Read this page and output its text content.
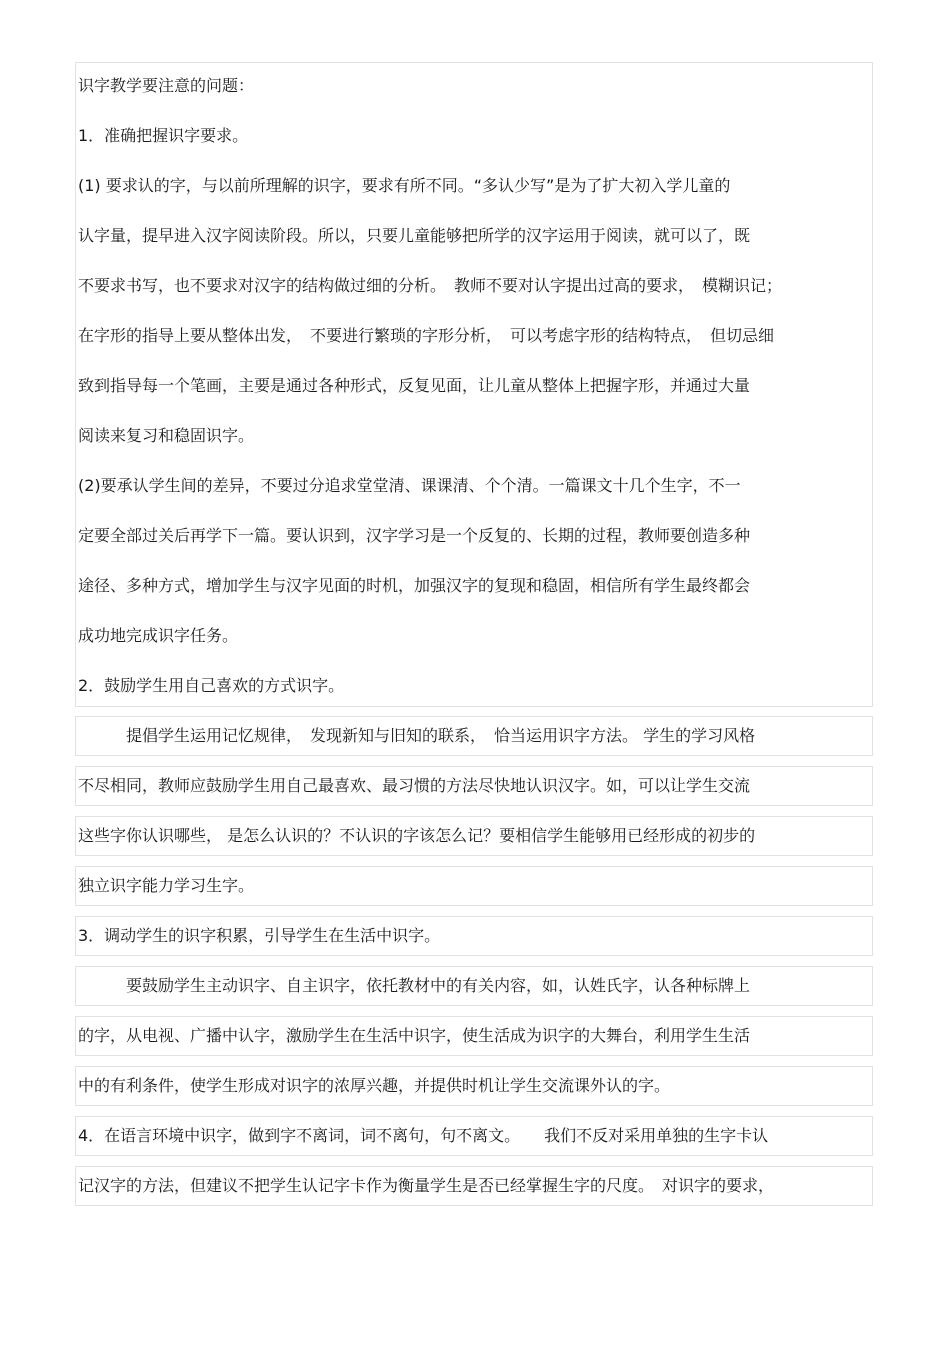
识字教学要注意的问题：
1．准确把握识字要求。
(1) 要求认的字，与以前所理解的识字，要求有所不同。“多认少写”是为了扩大初入学儿童的
认字量，提早进入汉字阅读阶段。所以，只要儿童能够把所学的汉字运用于阅读，就可以了，既
不要求书写，也不要求对汉字的结构做过细的分析。　教师不要对认字提出过高的要求，　模糊识记；
在字形的指导上要从整体出发，　不要进行繁琐的字形分析，　可以考虑字形的结构特点，　但切忌细
致到指导每一个笔画，主要是通过各种形式，反复见面，让儿童从整体上把握字形，并通过大量
阅读来复习和稳固识字。
(2)要承认学生间的差异，不要过分追求堂堂清、课课清、个个清。一篇课文十几个生字，不一
定要全部过关后再学下一篇。要认识到，汉字学习是一个反复的、长期的过程，教师要创造多种
途径、多种方式，增加学生与汉字见面的时机，加强汉字的复现和稳固，相信所有学生最终都会
成功地完成识字任务。
2．鼓励学生用自己喜欢的方式识字。
　　　提倡学生运用记忆规律，　发现新知与旧知的联系，　恰当运用识字方法。 学生的学习风格
不尽相同，教师应鼓励学生用自己最喜欢、最习惯的方法尽快地认识汉字。如，可以让学生交流
这些字你认识哪些， 是怎么认识的？不认识的字该怎么记？要相信学生能够用已经形成的初步的
独立识字能力学习生字。
3．调动学生的识字积累，引导学生在生活中识字。
　　　要鼓励学生主动识字、自主识字，依托教材中的有关内容，如，认姓氏字，认各种标牌上
的字，从电视、广播中认字，激励学生在生活中识字，使生活成为识字的大舞台，利用学生生活
中的有利条件，使学生形成对识字的浓厚兴趣，并提供时机让学生交流课外认的字。
4．在语言环境中识字，做到字不离词，词不离句，句不离文。　　我们不反对采用单独的生字卡认
记汉字的方法，但建议不把学生认记字卡作为衡量学生是否已经掌握生字的尺度。　对识字的要求，
